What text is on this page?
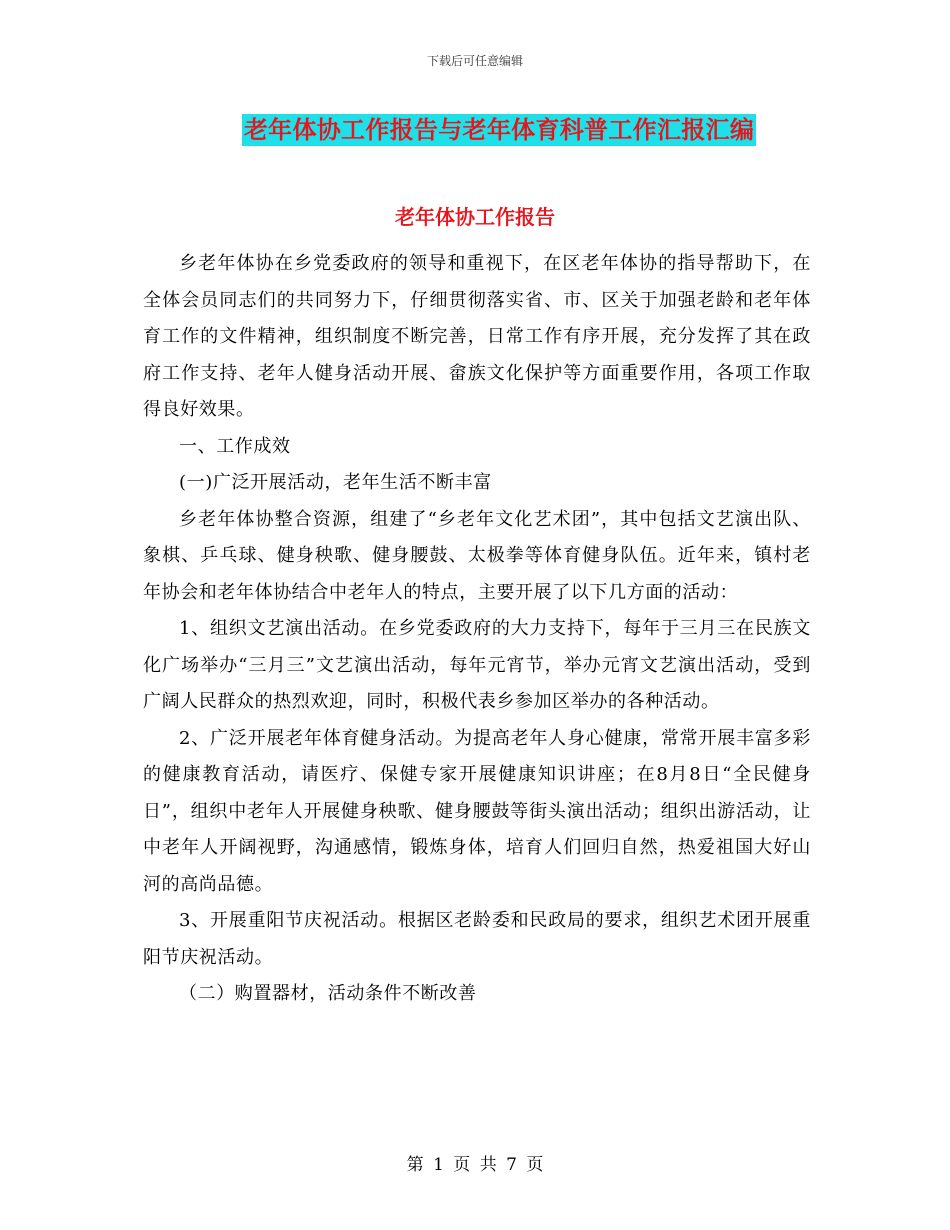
下载后可任意编辑
老年体协工作报告与老年体育科普工作汇报汇编
老年体协工作报告

乡老年体协在乡党委政府的领导和重视下，在区老年体协的指导帮助下，在全体会员同志们的共同努力下，仔细贯彻落实省、市、区关于加强老龄和老年体育工作的文件精神，组织制度不断完善，日常工作有序开展，充分发挥了其在政府工作支持、老年人健身活动开展、畲族文化保护等方面重要作用，各项工作取得良好效果。

一、工作成效

(一)广泛开展活动，老年生活不断丰富

乡老年体协整合资源，组建了“乡老年文化艺术团”，其中包括文艺演出队、象棋、乒乓球、健身秧歌、健身腰鼓、太极拳等体育健身队伍。近年来，镇村老年协会和老年体协结合中老年人的特点，主要开展了以下几方面的活动：

1、组织文艺演出活动。在乡党委政府的大力支持下，每年于三月三在民族文化广场举办“三月三”文艺演出活动，每年元宵节，举办元宵文艺演出活动，受到广阔人民群众的热烈欢迎，同时，积极代表乡参加区举办的各种活动。

2、广泛开展老年体育健身活动。为提高老年人身心健康，常常开展丰富多彩的健康教育活动，请医疗、保健专家开展健康知识讲座；在8月8日“全民健身日”，组织中老年人开展健身秧歌、健身腰鼓等街头演出活动；组织出游活动，让中老年人开阔视野，沟通感情，锻炼身体，培育人们回归自然，热爱祖国大好山河的高尚品德。

3、开展重阳节庆祝活动。根据区老龄委和民政局的要求，组织艺术团开展重阳节庆祝活动。

（二）购置器材，活动条件不断改善

第 1 页 共 7 页
